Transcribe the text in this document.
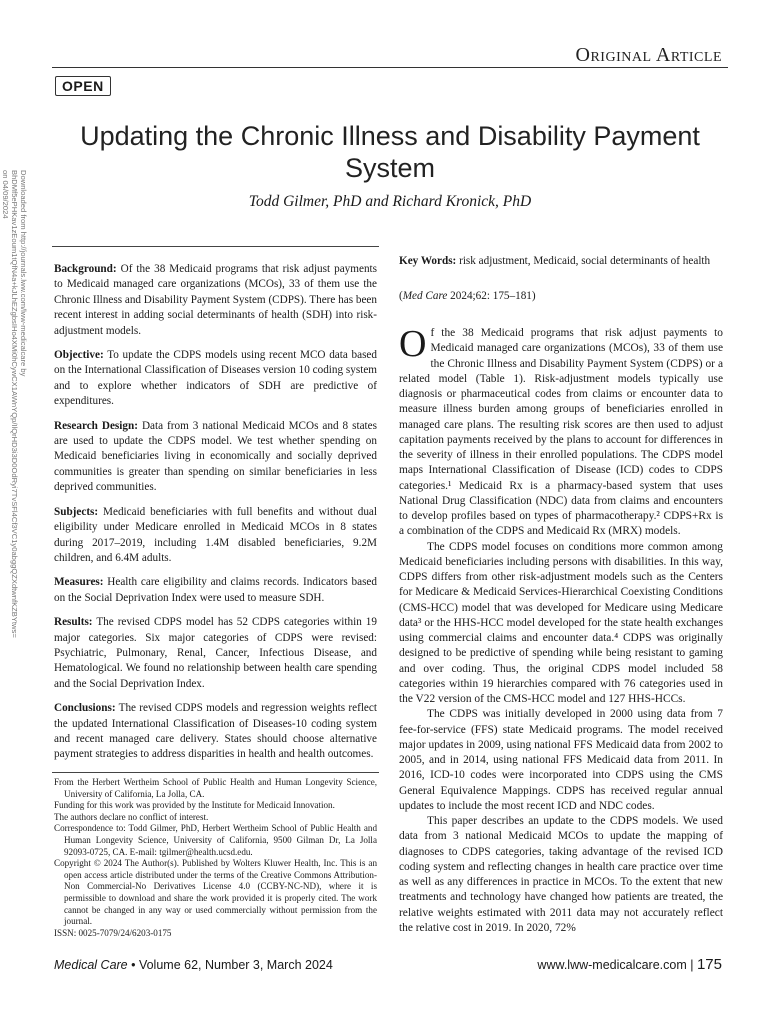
Original Article
OPEN
Updating the Chronic Illness and Disability Payment System
Todd Gilmer, PhD and Richard Kronick, PhD
Downloaded from http://journals.lww.com/lww-medicalcare by BhDMf5ePHKav1zEoum1tQfN4a+kJLhEZgbsIHo4XMi0hCywCX1AWnYQp/IlQrHD3i3D0OdRyi7TvSFl4Cf3VC1y0abggQZXdtwnfKZBYtws= on 04/09/2024

Background: Of the 38 Medicaid programs that risk adjust payments to Medicaid managed care organizations (MCOs), 33 of them use the Chronic Illness and Disability Payment System (CDPS). There has been recent interest in adding social determinants of health (SDH) into risk-adjustment models.

Objective: To update the CDPS models using recent MCO data based on the International Classification of Diseases version 10 coding system and to explore whether indicators of SDH are predictive of expenditures.

Research Design: Data from 3 national Medicaid MCOs and 8 states are used to update the CDPS model. We test whether spending on Medicaid beneficiaries living in economically and socially deprived communities is greater than spending on similar beneficiaries in less deprived communities.

Subjects: Medicaid beneficiaries with full benefits and without dual eligibility under Medicare enrolled in Medicaid MCOs in 8 states during 2017–2019, including 1.4M disabled beneficiaries, 9.2M children, and 6.4M adults.

Measures: Health care eligibility and claims records. Indicators based on the Social Deprivation Index were used to measure SDH.

Results: The revised CDPS model has 52 CDPS categories within 19 major categories. Six major categories of CDPS were revised: Psychiatric, Pulmonary, Renal, Cancer, Infectious Disease, and Hematological. We found no relationship between health care spending and the Social Deprivation Index.

Conclusions: The revised CDPS models and regression weights reflect the updated International Classification of Diseases-10 coding system and recent managed care delivery. States should choose alternative payment strategies to address disparities in health and health outcomes.

From the Herbert Wertheim School of Public Health and Human Longevity Science, University of California, La Jolla, CA.

Funding for this work was provided by the Institute for Medicaid Innovation.

The authors declare no conflict of interest.

Correspondence to: Todd Gilmer, PhD, Herbert Wertheim School of Public Health and Human Longevity Science, University of California, 9500 Gilman Dr, La Jolla 92093-0725, CA. E-mail: tgilmer@health.ucsd.edu.

Copyright © 2024 The Author(s). Published by Wolters Kluwer Health, Inc. This is an open access article distributed under the terms of the Creative Commons Attribution-Non Commercial-No Derivatives License 4.0 (CCBY-NC-ND), where it is permissible to download and share the work provided it is properly cited. The work cannot be changed in any way or used commercially without permission from the journal.

ISSN: 0025-7079/24/6203-0175

Key Words: risk adjustment, Medicaid, social determinants of health
(Med Care 2024;62: 175–181)

Of the 38 Medicaid programs that risk adjust payments to Medicaid managed care organizations (MCOs), 33 of them use the Chronic Illness and Disability Payment System (CDPS) or a related model (Table 1). Risk-adjustment models typically use diagnosis or pharmaceutical codes from claims or encounter data to measure illness burden among groups of beneficiaries enrolled in managed care plans. The resulting risk scores are then used to adjust capitation payments received by the plans to account for differences in the severity of illness in their enrolled populations. The CDPS model maps International Classification of Disease (ICD) codes to CDPS categories.¹ Medicaid Rx is a pharmacy-based system that uses National Drug Classification (NDC) data from claims and encounters to develop profiles based on types of pharmacotherapy.² CDPS+Rx is a combination of the CDPS and Medicaid Rx (MRX) models.

The CDPS model focuses on conditions more common among Medicaid beneficiaries including persons with disabilities. In this way, CDPS differs from other risk-adjustment models such as the Centers for Medicare & Medicaid Services-Hierarchical Coexisting Conditions (CMS-HCC) model that was developed for Medicare using Medicare data³ or the HHS-HCC model developed for the state health exchanges using commercial claims and encounter data.⁴ CDPS was originally designed to be predictive of spending while being resistant to gaming and over coding. Thus, the original CDPS model included 58 categories within 19 hierarchies compared with 76 categories used in the V22 version of the CMS-HCC model and 127 HHS-HCCs.

The CDPS was initially developed in 2000 using data from 7 fee-for-service (FFS) state Medicaid programs. The model received major updates in 2009, using national FFS Medicaid data from 2002 to 2005, and in 2014, using national FFS Medicaid data from 2011. In 2016, ICD-10 codes were incorporated into CDPS using the CMS General Equivalence Mappings. CDPS has received regular annual updates to include the most recent ICD and NDC codes.

This paper describes an update to the CDPS models. We used data from 3 national Medicaid MCOs to update the mapping of diagnoses to CDPS categories, taking advantage of the revised ICD coding system and reflecting changes in health care practice over time as well as any differences in practice in MCOs. To the extent that new treatments and technology have changed how patients are treated, the relative weights estimated with 2011 data may not accurately reflect the relative cost in 2019. In 2020, 72%

Medical Care • Volume 62, Number 3, March 2024	www.lww-medicalcare.com | 175
